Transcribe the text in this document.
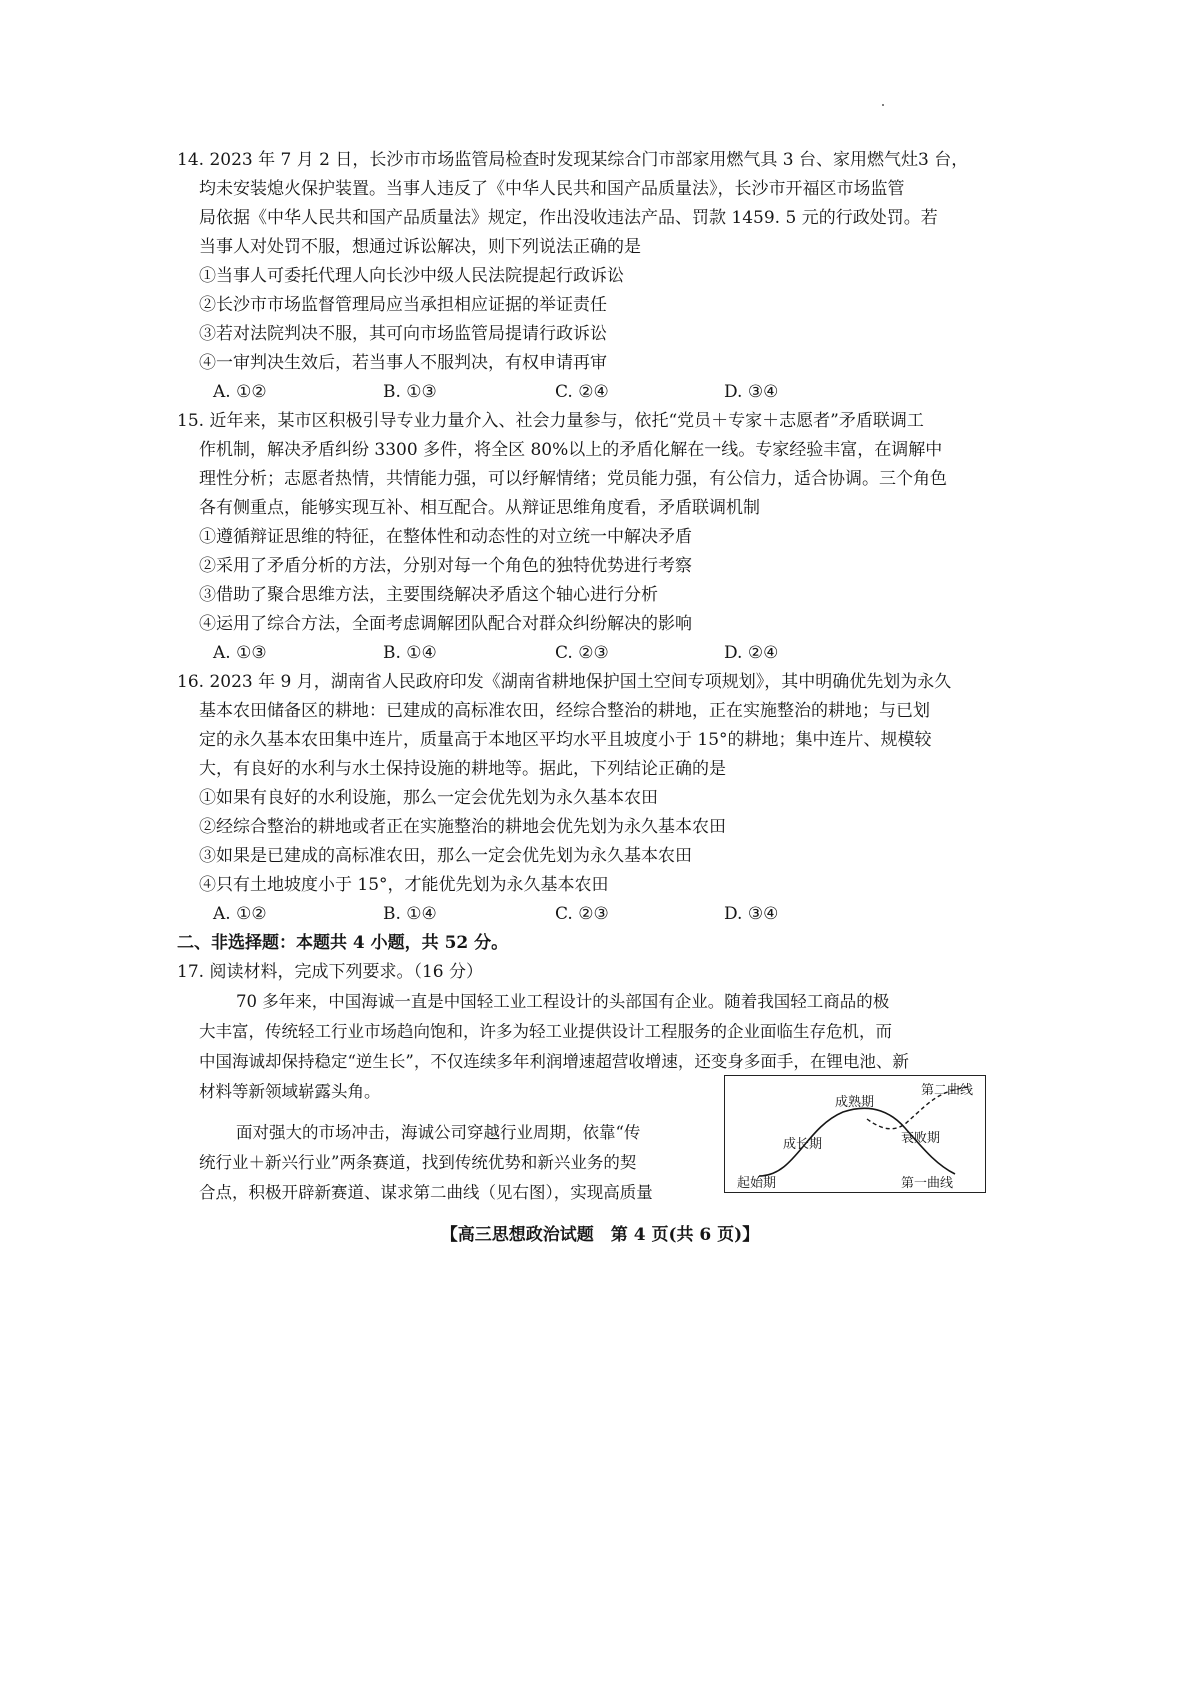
14. 2023 年 7 月 2 日，长沙市市场监管局检查时发现某综合门市部家用燃气具 3 台、家用燃气灶3 台，
均未安装熄火保护装置。当事人违反了《中华人民共和国产品质量法》，长沙市开福区市场监管
局依据《中华人民共和国产品质量法》规定，作出没收违法产品、罚款 1459. 5 元的行政处罚。若
当事人对处罚不服，想通过诉讼解决，则下列说法正确的是
①当事人可委托代理人向长沙中级人民法院提起行政诉讼
②长沙市市场监督管理局应当承担相应证据的举证责任
③若对法院判决不服，其可向市场监管局提请行政诉讼
④一审判决生效后，若当事人不服判决，有权申请再审
A. ①②	B. ①③	C. ②④	D. ③④
15. 近年来，某市区积极引导专业力量介入、社会力量参与，依托“党员＋专家＋志愿者”矛盾联调工
作机制，解决矛盾纠纷 3300 多件，将全区 80%以上的矛盾化解在一线。专家经验丰富，在调解中
理性分析；志愿者热情，共情能力强，可以纾解情绪；党员能力强，有公信力，适合协调。三个角色
各有侧重点，能够实现互补、相互配合。从辩证思维角度看，矛盾联调机制
①遵循辩证思维的特征，在整体性和动态性的对立统一中解决矛盾
②采用了矛盾分析的方法，分别对每一个角色的独特优势进行考察
③借助了聚合思维方法，主要围绕解决矛盾这个轴心进行分析
④运用了综合方法，全面考虑调解团队配合对群众纠纷解决的影响
A. ①③	B. ①④	C. ②③	D. ②④
16. 2023 年 9 月，湖南省人民政府印发《湖南省耕地保护国土空间专项规划》，其中明确优先划为永久
基本农田储备区的耕地：已建成的高标准农田，经综合整治的耕地，正在实施整治的耕地；与已划
定的永久基本农田集中连片，质量高于本地区平均水平且坡度小于 15°的耕地；集中连片、规模较
大，有良好的水利与水土保持设施的耕地等。据此，下列结论正确的是
①如果有良好的水利设施，那么一定会优先划为永久基本农田
②经综合整治的耕地或者正在实施整治的耕地会优先划为永久基本农田
③如果是已建成的高标准农田，那么一定会优先划为永久基本农田
④只有土地坡度小于 15°，才能优先划为永久基本农田
A. ①②	B. ①④	C. ②③	D. ③④
二、非选择题：本题共 4 小题，共 52 分。
17. 阅读材料，完成下列要求。（16 分）
70 多年来，中国海诚一直是中国轻工业工程设计的头部国有企业。随着我国轻工商品的极
大丰富，传统轻工行业市场趋向饱和，许多为轻工业提供设计工程服务的企业面临生存危机，而
中国海诚却保持稳定“逆生长”，不仅连续多年利润增速超营收增速，还变身多面手，在锂电池、新
材料等新领域崭露头角。
面对强大的市场冲击，海诚公司穿越行业周期，依靠“传
统行业＋新兴行业”两条赛道，找到传统优势和新兴业务的契
合点，积极开辟新赛道、谋求第二曲线（见右图），实现高质量
第二曲线
成熟期
成长期	衰败期
起始期	第一曲线
【高三思想政治试题　第 4 页(共 6 页)】
